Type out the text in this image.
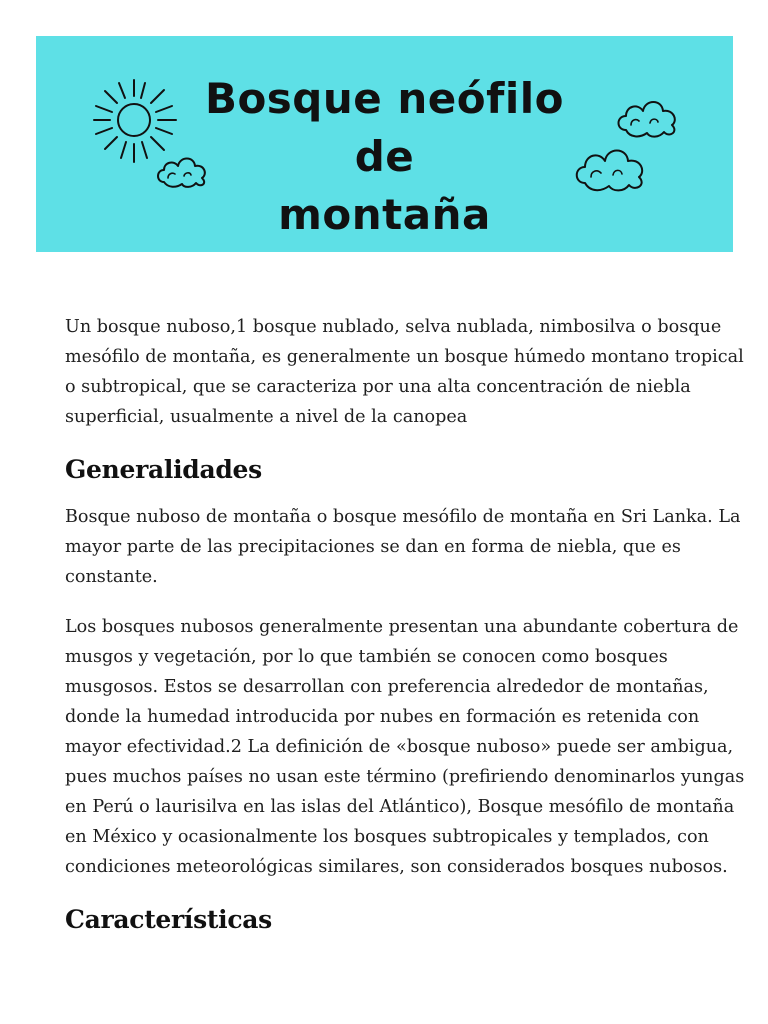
Bosque neófilo
de
montaña

Un bosque nuboso,1 bosque nublado, selva nublada, nimbosilva o bosque mesófilo de montaña, es generalmente un bosque húmedo montano tropical o subtropical, que se caracteriza por una alta concentración de niebla superficial, usualmente a nivel de la canopea

Generalidades

Bosque nuboso de montaña o bosque mesófilo de montaña en Sri Lanka. La mayor parte de las precipitaciones se dan en forma de niebla, que es constante.

Los bosques nubosos generalmente presentan una abundante cobertura de musgos y vegetación, por lo que también se conocen como bosques musgosos. Estos se desarrollan con preferencia alrededor de montañas, donde la humedad introducida por nubes en formación es retenida con mayor efectividad.2 La definición de «bosque nuboso» puede ser ambigua, pues muchos países no usan este término (prefiriendo denominarlos yungas en Perú o laurisilva en las islas del Atlántico), Bosque mesófilo de montaña en México y ocasionalmente los bosques subtropicales y templados, con condiciones meteorológicas similares, son considerados bosques nubosos.

Características
